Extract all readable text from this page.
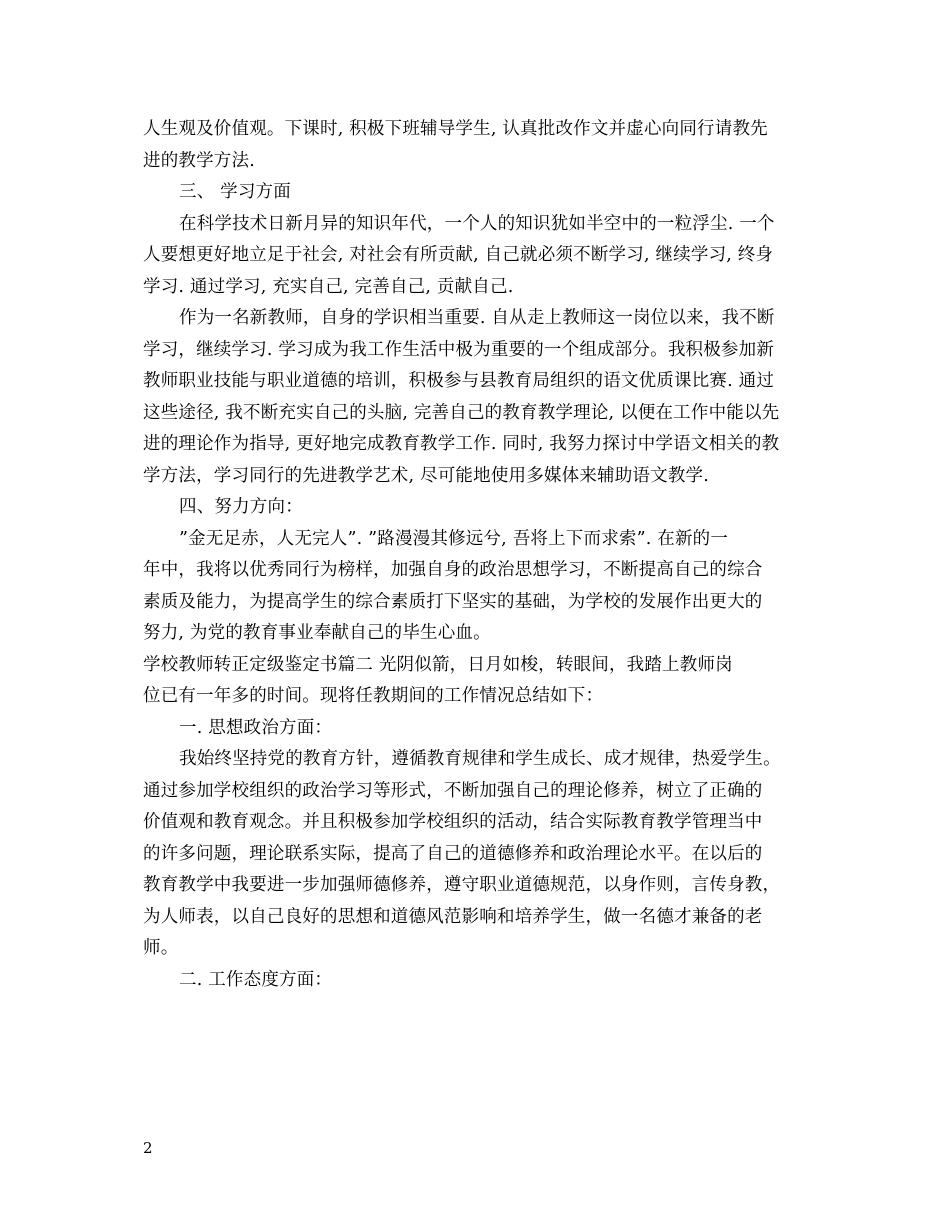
人生观及价值观。下课时, 积极下班辅导学生, 认真批改作文并虚心向同行请教先
进的教学方法.
三、 学习方面
在科学技术日新月异的知识年代，一个人的知识犹如半空中的一粒浮尘. 一个
人要想更好地立足于社会, 对社会有所贡献, 自己就必须不断学习, 继续学习, 终身
学习. 通过学习, 充实自己, 完善自己, 贡献自己.
作为一名新教师，自身的学识相当重要. 自从走上教师这一岗位以来，我不断
学习，继续学习. 学习成为我工作生活中极为重要的一个组成部分。我积极参加新
教师职业技能与职业道德的培训，积极参与县教育局组织的语文优质课比赛. 通过
这些途径, 我不断充实自己的头脑, 完善自己的教育教学理论, 以便在工作中能以先
进的理论作为指导, 更好地完成教育教学工作. 同时, 我努力探讨中学语文相关的教
学方法，学习同行的先进教学艺术, 尽可能地使用多媒体来辅助语文教学.
四、努力方向：
”金无足赤，人无完人”. ”路漫漫其修远兮, 吾将上下而求索”. 在新的一
年中，我将以优秀同行为榜样，加强自身的政治思想学习，不断提高自己的综合
素质及能力，为提高学生的综合素质打下坚实的基础，为学校的发展作出更大的
努力, 为党的教育事业奉献自己的毕生心血。
学校教师转正定级鉴定书篇二 光阴似箭，日月如梭，转眼间，我踏上教师岗
位已有一年多的时间。现将任教期间的工作情况总结如下：
一. 思想政治方面：
我始终坚持党的教育方针，遵循教育规律和学生成长、成才规律，热爱学生。
通过参加学校组织的政治学习等形式，不断加强自己的理论修养，树立了正确的
价值观和教育观念。并且积极参加学校组织的活动，结合实际教育教学管理当中
的许多问题，理论联系实际，提高了自己的道德修养和政治理论水平。在以后的
教育教学中我要进一步加强师德修养，遵守职业道德规范，以身作则，言传身教，
为人师表，以自己良好的思想和道德风范影响和培养学生，做一名德才兼备的老
师。
二. 工作态度方面：
2
